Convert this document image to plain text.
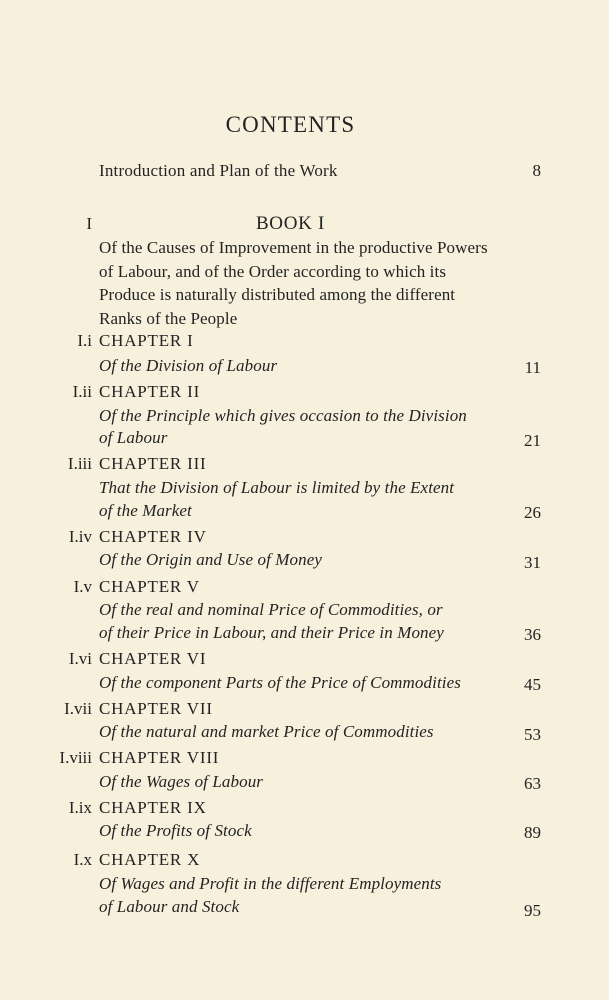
CONTENTS
Introduction and Plan of the Work	8
I	BOOK I
Of the Causes of Improvement in the productive Powers of Labour, and of the Order according to which its Produce is naturally distributed among the different Ranks of the People
I.i CHAPTER I
Of the Division of Labour	11
I.ii CHAPTER II
Of the Principle which gives occasion to the Division
of Labour	21
I.iii CHAPTER III
That the Division of Labour is limited by the Extent
of the Market	26
I.iv CHAPTER IV
Of the Origin and Use of Money	31
I.v CHAPTER V
Of the real and nominal Price of Commodities, or
of their Price in Labour, and their Price in Money	36
I.vi CHAPTER VI
Of the component Parts of the Price of Commodities	45
I.vii CHAPTER VII
Of the natural and market Price of Commodities	53
I.viii CHAPTER VIII
Of the Wages of Labour	63
I.ix CHAPTER IX
Of the Profits of Stock	89
I.x CHAPTER X
Of Wages and Profit in the different Employments
of Labour and Stock	95
